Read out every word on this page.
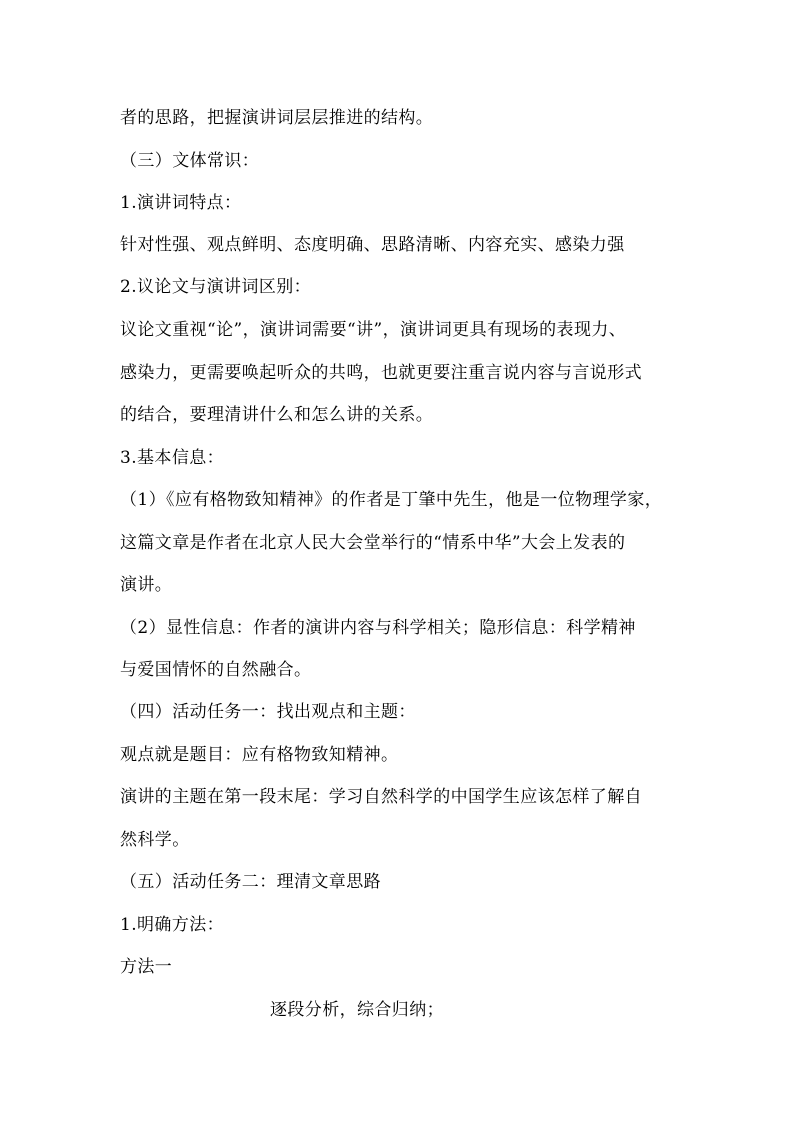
者的思路，把握演讲词层层推进的结构。
（三）文体常识：
1.演讲词特点：
针对性强、观点鲜明、态度明确、思路清晰、内容充实、感染力强
2.议论文与演讲词区别：
议论文重视“论”，演讲词需要“讲”，演讲词更具有现场的表现力、
感染力，更需要唤起听众的共鸣，也就更要注重言说内容与言说形式
的结合，要理清讲什么和怎么讲的关系。
3.基本信息：
（1）《应有格物致知精神》的作者是丁肇中先生，他是一位物理学家，
这篇文章是作者在北京人民大会堂举行的“情系中华”大会上发表的
演讲。
（2）显性信息：作者的演讲内容与科学相关；隐形信息：科学精神
与爱国情怀的自然融合。
（四）活动任务一：找出观点和主题：
观点就是题目：应有格物致知精神。
演讲的主题在第一段末尾：学习自然科学的中国学生应该怎样了解自
然科学。
（五）活动任务二：理清文章思路
1.明确方法：
方法一
逐段分析，综合归纳；
